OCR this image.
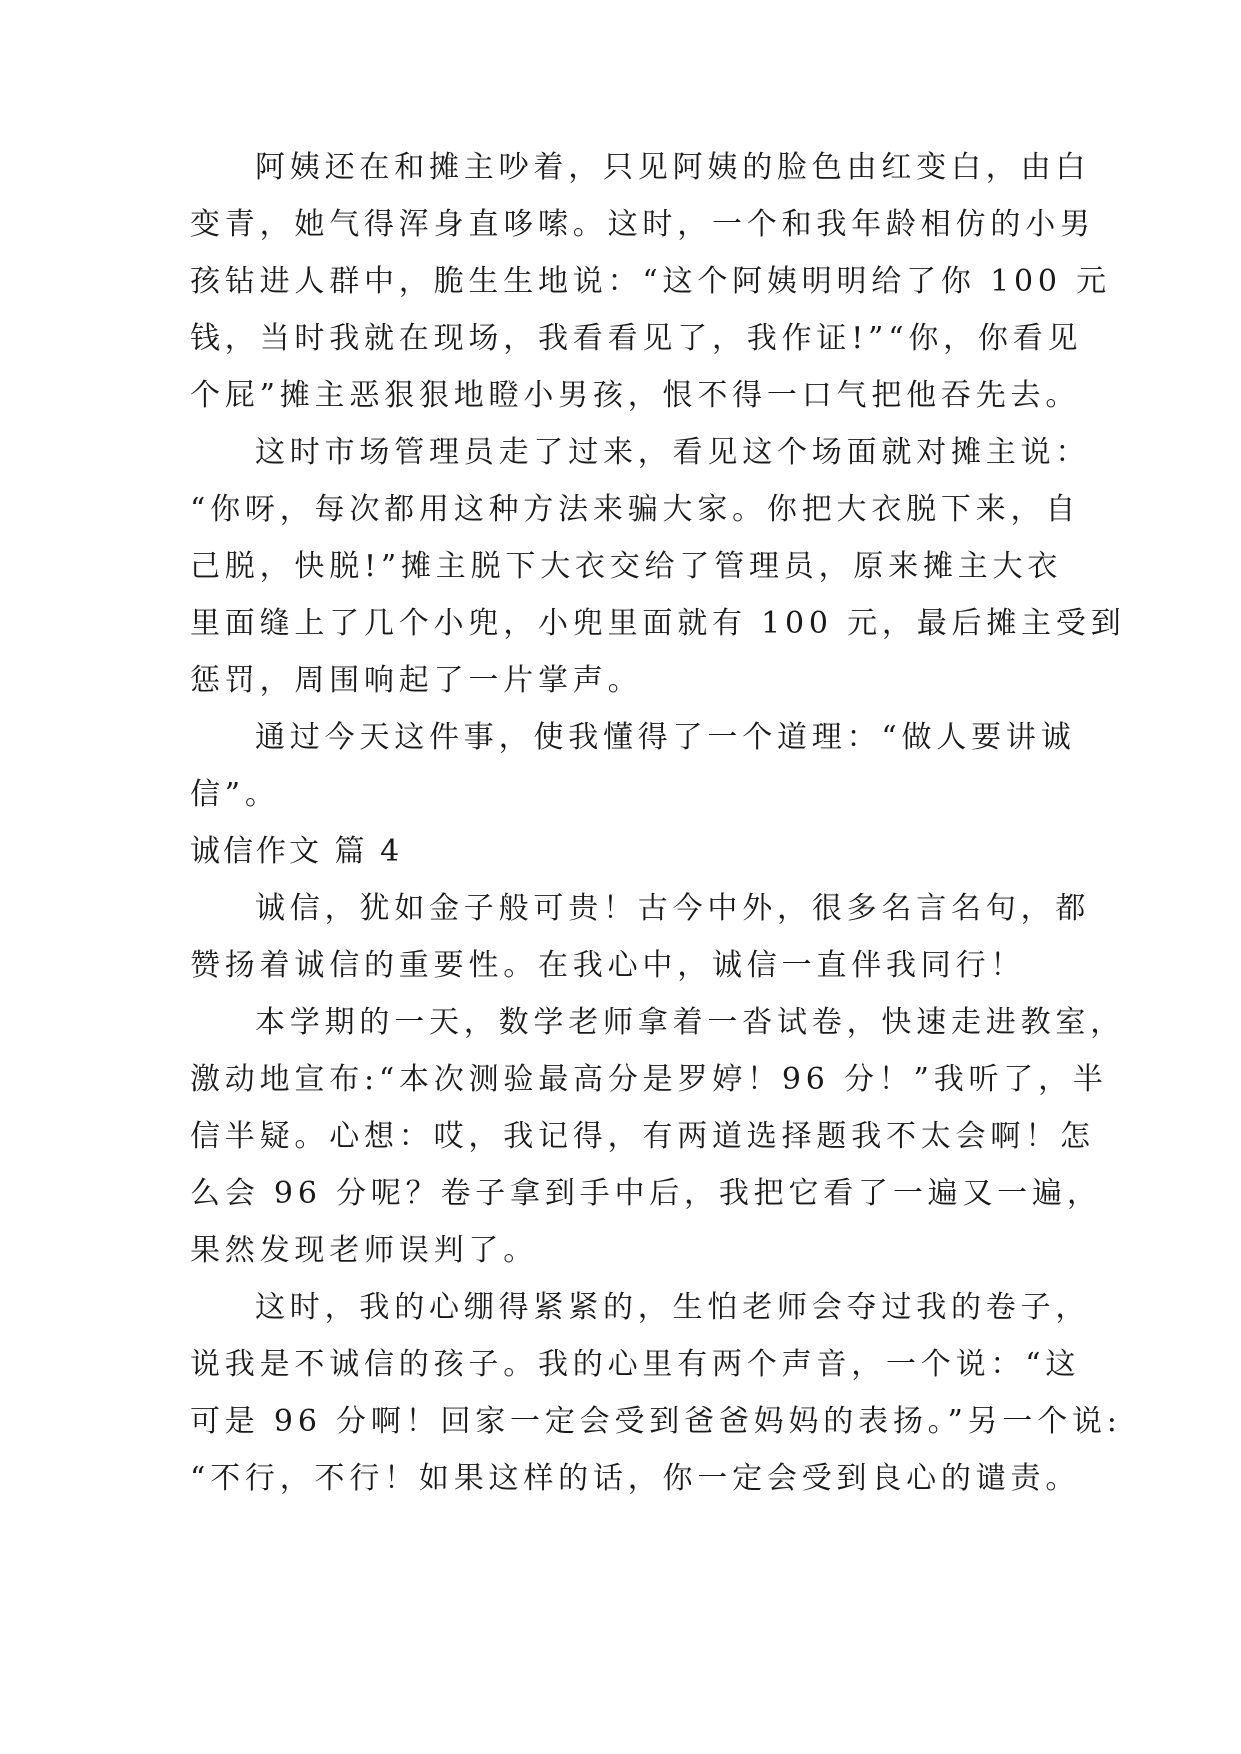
阿姨还在和摊主吵着，只见阿姨的脸色由红变白，由白
变青，她气得浑身直哆嗦。这时，一个和我年龄相仿的小男
孩钻进人群中，脆生生地说：“这个阿姨明明给了你 100 元
钱，当时我就在现场，我看看见了，我作证!”“你，你看见
个屁”摊主恶狠狠地瞪小男孩，恨不得一口气把他吞先去。
这时市场管理员走了过来，看见这个场面就对摊主说：
“你呀，每次都用这种方法来骗大家。你把大衣脱下来，自
己脱，快脱!”摊主脱下大衣交给了管理员，原来摊主大衣
里面缝上了几个小兜，小兜里面就有 100 元，最后摊主受到
惩罚，周围响起了一片掌声。
通过今天这件事，使我懂得了一个道理：“做人要讲诚
信”。
诚信作文 篇 4
诚信，犹如金子般可贵！古今中外，很多名言名句，都
赞扬着诚信的重要性。在我心中，诚信一直伴我同行！
本学期的一天，数学老师拿着一沓试卷，快速走进教室，
激动地宣布:“本次测验最高分是罗婷！96 分！”我听了，半
信半疑。心想：哎，我记得，有两道选择题我不太会啊！怎
么会 96 分呢？卷子拿到手中后，我把它看了一遍又一遍，
果然发现老师误判了。
这时，我的心绷得紧紧的，生怕老师会夺过我的卷子，
说我是不诚信的孩子。我的心里有两个声音，一个说：“这
可是 96 分啊！回家一定会受到爸爸妈妈的表扬。”另一个说:
“不行，不行！如果这样的话，你一定会受到良心的谴责。
